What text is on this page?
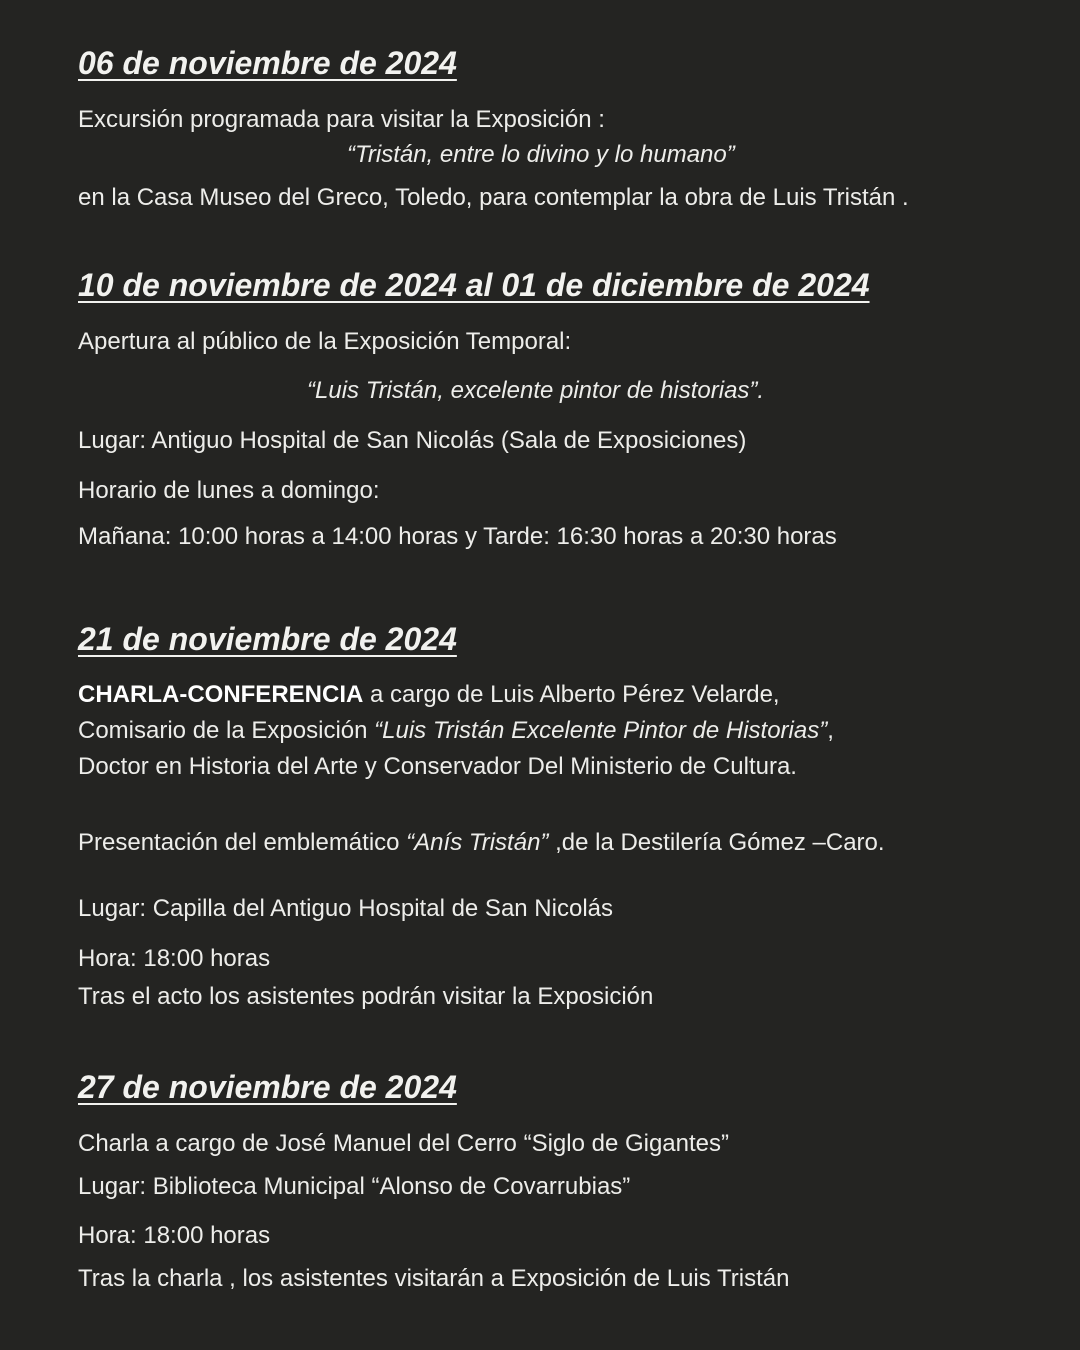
06 de noviembre de 2024
Excursión programada para visitar la Exposición :
“Tristán, entre lo divino y lo humano”
en la Casa Museo del Greco, Toledo, para contemplar la obra de Luis Tristán .
10 de noviembre de 2024 al 01 de diciembre de 2024
Apertura al público de la Exposición Temporal:
“Luis Tristán, excelente pintor de historias”.
Lugar: Antiguo Hospital de San Nicolás (Sala de Exposiciones)
Horario de lunes a domingo:
Mañana: 10:00 horas a 14:00 horas y Tarde: 16:30 horas a 20:30 horas
21 de noviembre de 2024
CHARLA-CONFERENCIA a cargo de Luis Alberto Pérez Velarde,
Comisario de la Exposición “Luis Tristán Excelente Pintor de Historias”,
Doctor en Historia del Arte y Conservador Del Ministerio de Cultura.
Presentación del emblemático “Anís Tristán” ,de la Destilería Gómez –Caro.
Lugar: Capilla del Antiguo Hospital de San Nicolás
Hora: 18:00 horas
Tras el acto los asistentes podrán visitar la Exposición
27 de noviembre de 2024
Charla a cargo de José Manuel del Cerro “Siglo de Gigantes”
Lugar: Biblioteca Municipal “Alonso de Covarrubias”
Hora: 18:00 horas
Tras la charla , los asistentes visitarán a Exposición de Luis Tristán
